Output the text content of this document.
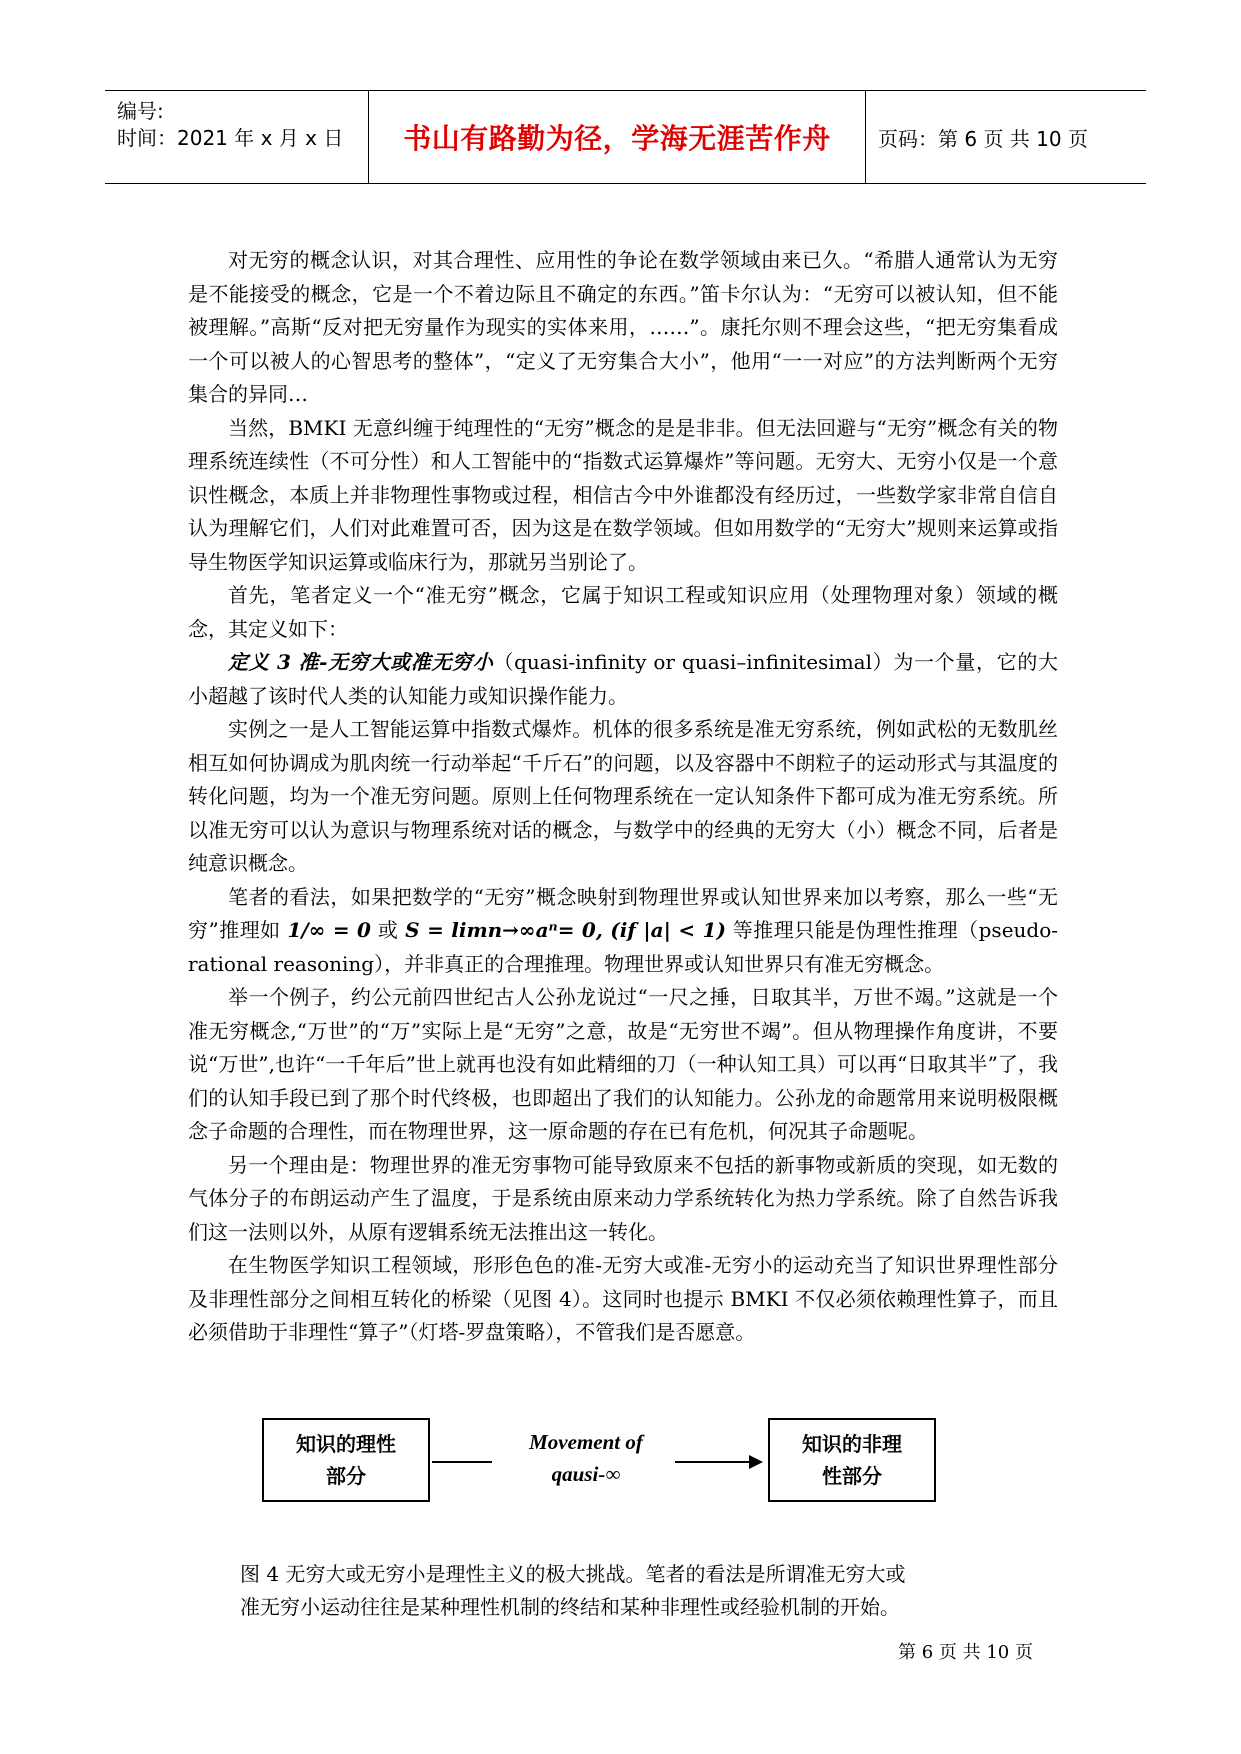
编号:
时间：2021 年 x 月 x 日	书山有路勤为径，学海无涯苦作舟	页码：第 6 页 共 10 页

对无穷的概念认识，对其合理性、应用性的争论在数学领域由来已久。“希腊人通常认为无穷是不能接受的概念，它是一个不着边际且不确定的东西。”笛卡尔认为：“无穷可以被认知，但不能被理解。”高斯“反对把无穷量作为现实的实体来用，……”。康托尔则不理会这些，“把无穷集看成一个可以被人的心智思考的整体”，“定义了无穷集合大小”，他用“一一对应”的方法判断两个无穷集合的异同…

当然，BMKI 无意纠缠于纯理性的“无穷”概念的是是非非。但无法回避与“无穷”概念有关的物理系统连续性（不可分性）和人工智能中的“指数式运算爆炸”等问题。无穷大、无穷小仅是一个意识性概念，本质上并非物理性事物或过程，相信古今中外谁都没有经历过，一些数学家非常自信自认为理解它们，人们对此难置可否，因为这是在数学领域。但如用数学的“无穷大”规则来运算或指导生物医学知识运算或临床行为，那就另当别论了。

首先，笔者定义一个“准无穷”概念，它属于知识工程或知识应用（处理物理对象）领域的概念，其定义如下：

定义 3 准-无穷大或准无穷小（quasi-infinity or quasi–infinitesimal）为一个量，它的大小超越了该时代人类的认知能力或知识操作能力。

实例之一是人工智能运算中指数式爆炸。机体的很多系统是准无穷系统，例如武松的无数肌丝相互如何协调成为肌肉统一行动举起“千斤石”的问题，以及容器中不朗粒子的运动形式与其温度的转化问题，均为一个准无穷问题。原则上任何物理系统在一定认知条件下都可成为准无穷系统。所以准无穷可以认为意识与物理系统对话的概念，与数学中的经典的无穷大（小）概念不同，后者是纯意识概念。

笔者的看法，如果把数学的“无穷”概念映射到物理世界或认知世界来加以考察，那么一些“无穷”推理如 1/∞ = 0 或 S = limn→∞aⁿ= 0, (if |a| < 1) 等推理只能是伪理性推理（pseudo-rational reasoning），并非真正的合理推理。物理世界或认知世界只有准无穷概念。

举一个例子，约公元前四世纪古人公孙龙说过“一尺之捶，日取其半，万世不竭。”这就是一个准无穷概念,“万世”的“万”实际上是“无穷”之意，故是“无穷世不竭”。但从物理操作角度讲，不要说“万世”,也许“一千年后”世上就再也没有如此精细的刀（一种认知工具）可以再“日取其半”了，我们的认知手段已到了那个时代终极，也即超出了我们的认知能力。公孙龙的命题常用来说明极限概念子命题的合理性，而在物理世界，这一原命题的存在已有危机，何况其子命题呢。

另一个理由是：物理世界的准无穷事物可能导致原来不包括的新事物或新质的突现，如无数的气体分子的布朗运动产生了温度，于是系统由原来动力学系统转化为热力学系统。除了自然告诉我们这一法则以外，从原有逻辑系统无法推出这一转化。

在生物医学知识工程领域，形形色色的准-无穷大或准-无穷小的运动充当了知识世界理性部分及非理性部分之间相互转化的桥梁（见图 4）。这同时也提示 BMKI 不仅必须依赖理性算子，而且必须借助于非理性“算子”（灯塔-罗盘策略），不管我们是否愿意。

知识的理性
部分
Movement of
qausi-∞
知识的非理
性部分
图 4 无穷大或无穷小是理性主义的极大挑战。笔者的看法是所谓准无穷大或
准无穷小运动往往是某种理性机制的终结和某种非理性或经验机制的开始。
第 6 页 共 10 页
